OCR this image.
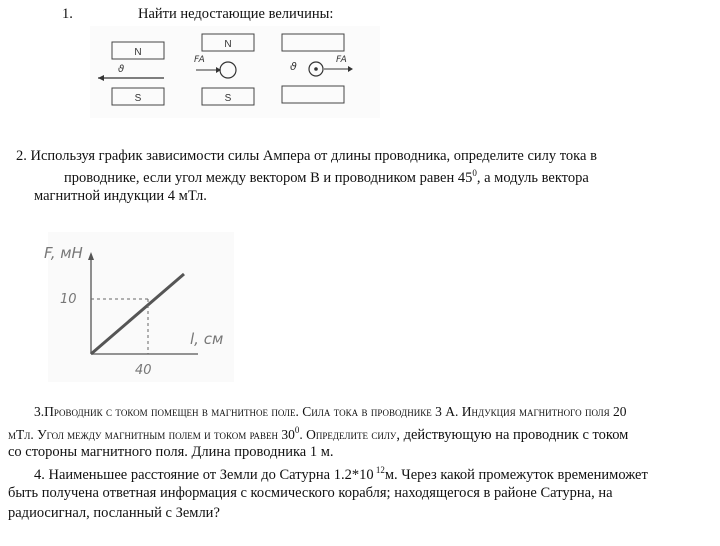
1.	Найти недостающие величины:
N
S
ϑ
N
S
FA	FA
ϑ
2. Используя график зависимости силы Ампера от длины проводника, определите силу тока в
проводнике, если угол между вектором В и проводником равен $45^0$, а модуль вектора
магнитной индукции 4 мТл.
F, мН
l, см
10
40
3.Проводник с током помещен в магнитное поле. Сила тока в проводнике 3 А. Индукция магнитного поля 20
мТл. Угол между магнитным полем и током равен $30^0$. Определите силу, действующую на проводник с током
со стороны магнитного поля. Длина проводника 1 м.
4. Наименьшее расстояние от Земли до Сатурна 1.2*10 $^{12}$м. Через какой промежуток временим​ожет
быть получена ответная информация с космического корабля; находящегося в районе Сатурна, на
радиосигнал, посланный с Земли?
